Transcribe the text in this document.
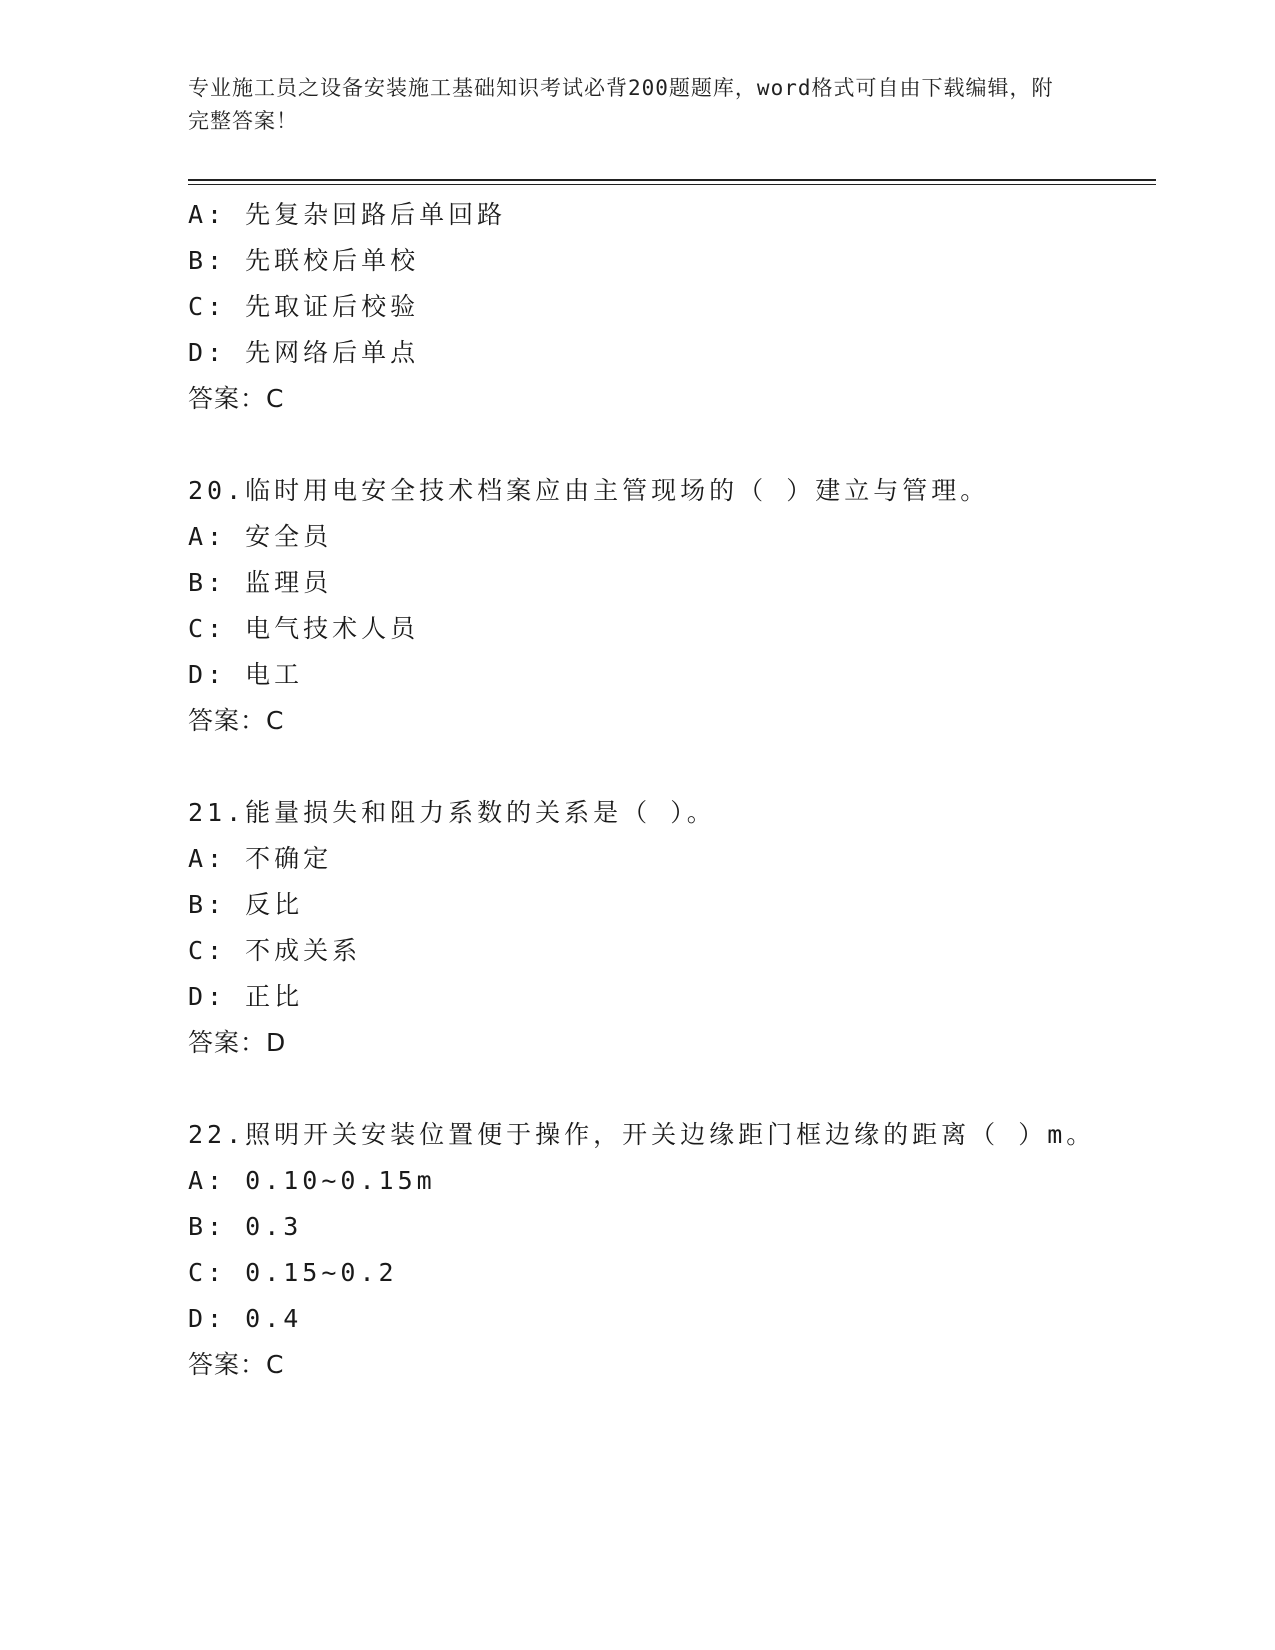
专业施工员之设备安装施工基础知识考试必背200题题库，word格式可自由下载编辑，附完整答案！
A: 先复杂回路后单回路
B: 先联校后单校
C: 先取证后校验
D: 先网络后单点
答案：C
20.临时用电安全技术档案应由主管现场的（ ）建立与管理。
A: 安全员
B: 监理员
C: 电气技术人员
D: 电工
答案：C
21.能量损失和阻力系数的关系是（ ）。
A: 不确定
B: 反比
C: 不成关系
D: 正比
答案：D
22.照明开关安装位置便于操作，开关边缘距门框边缘的距离（ ）m。
A: 0.10~0.15m
B: 0.3
C: 0.15~0.2
D: 0.4
答案：C
